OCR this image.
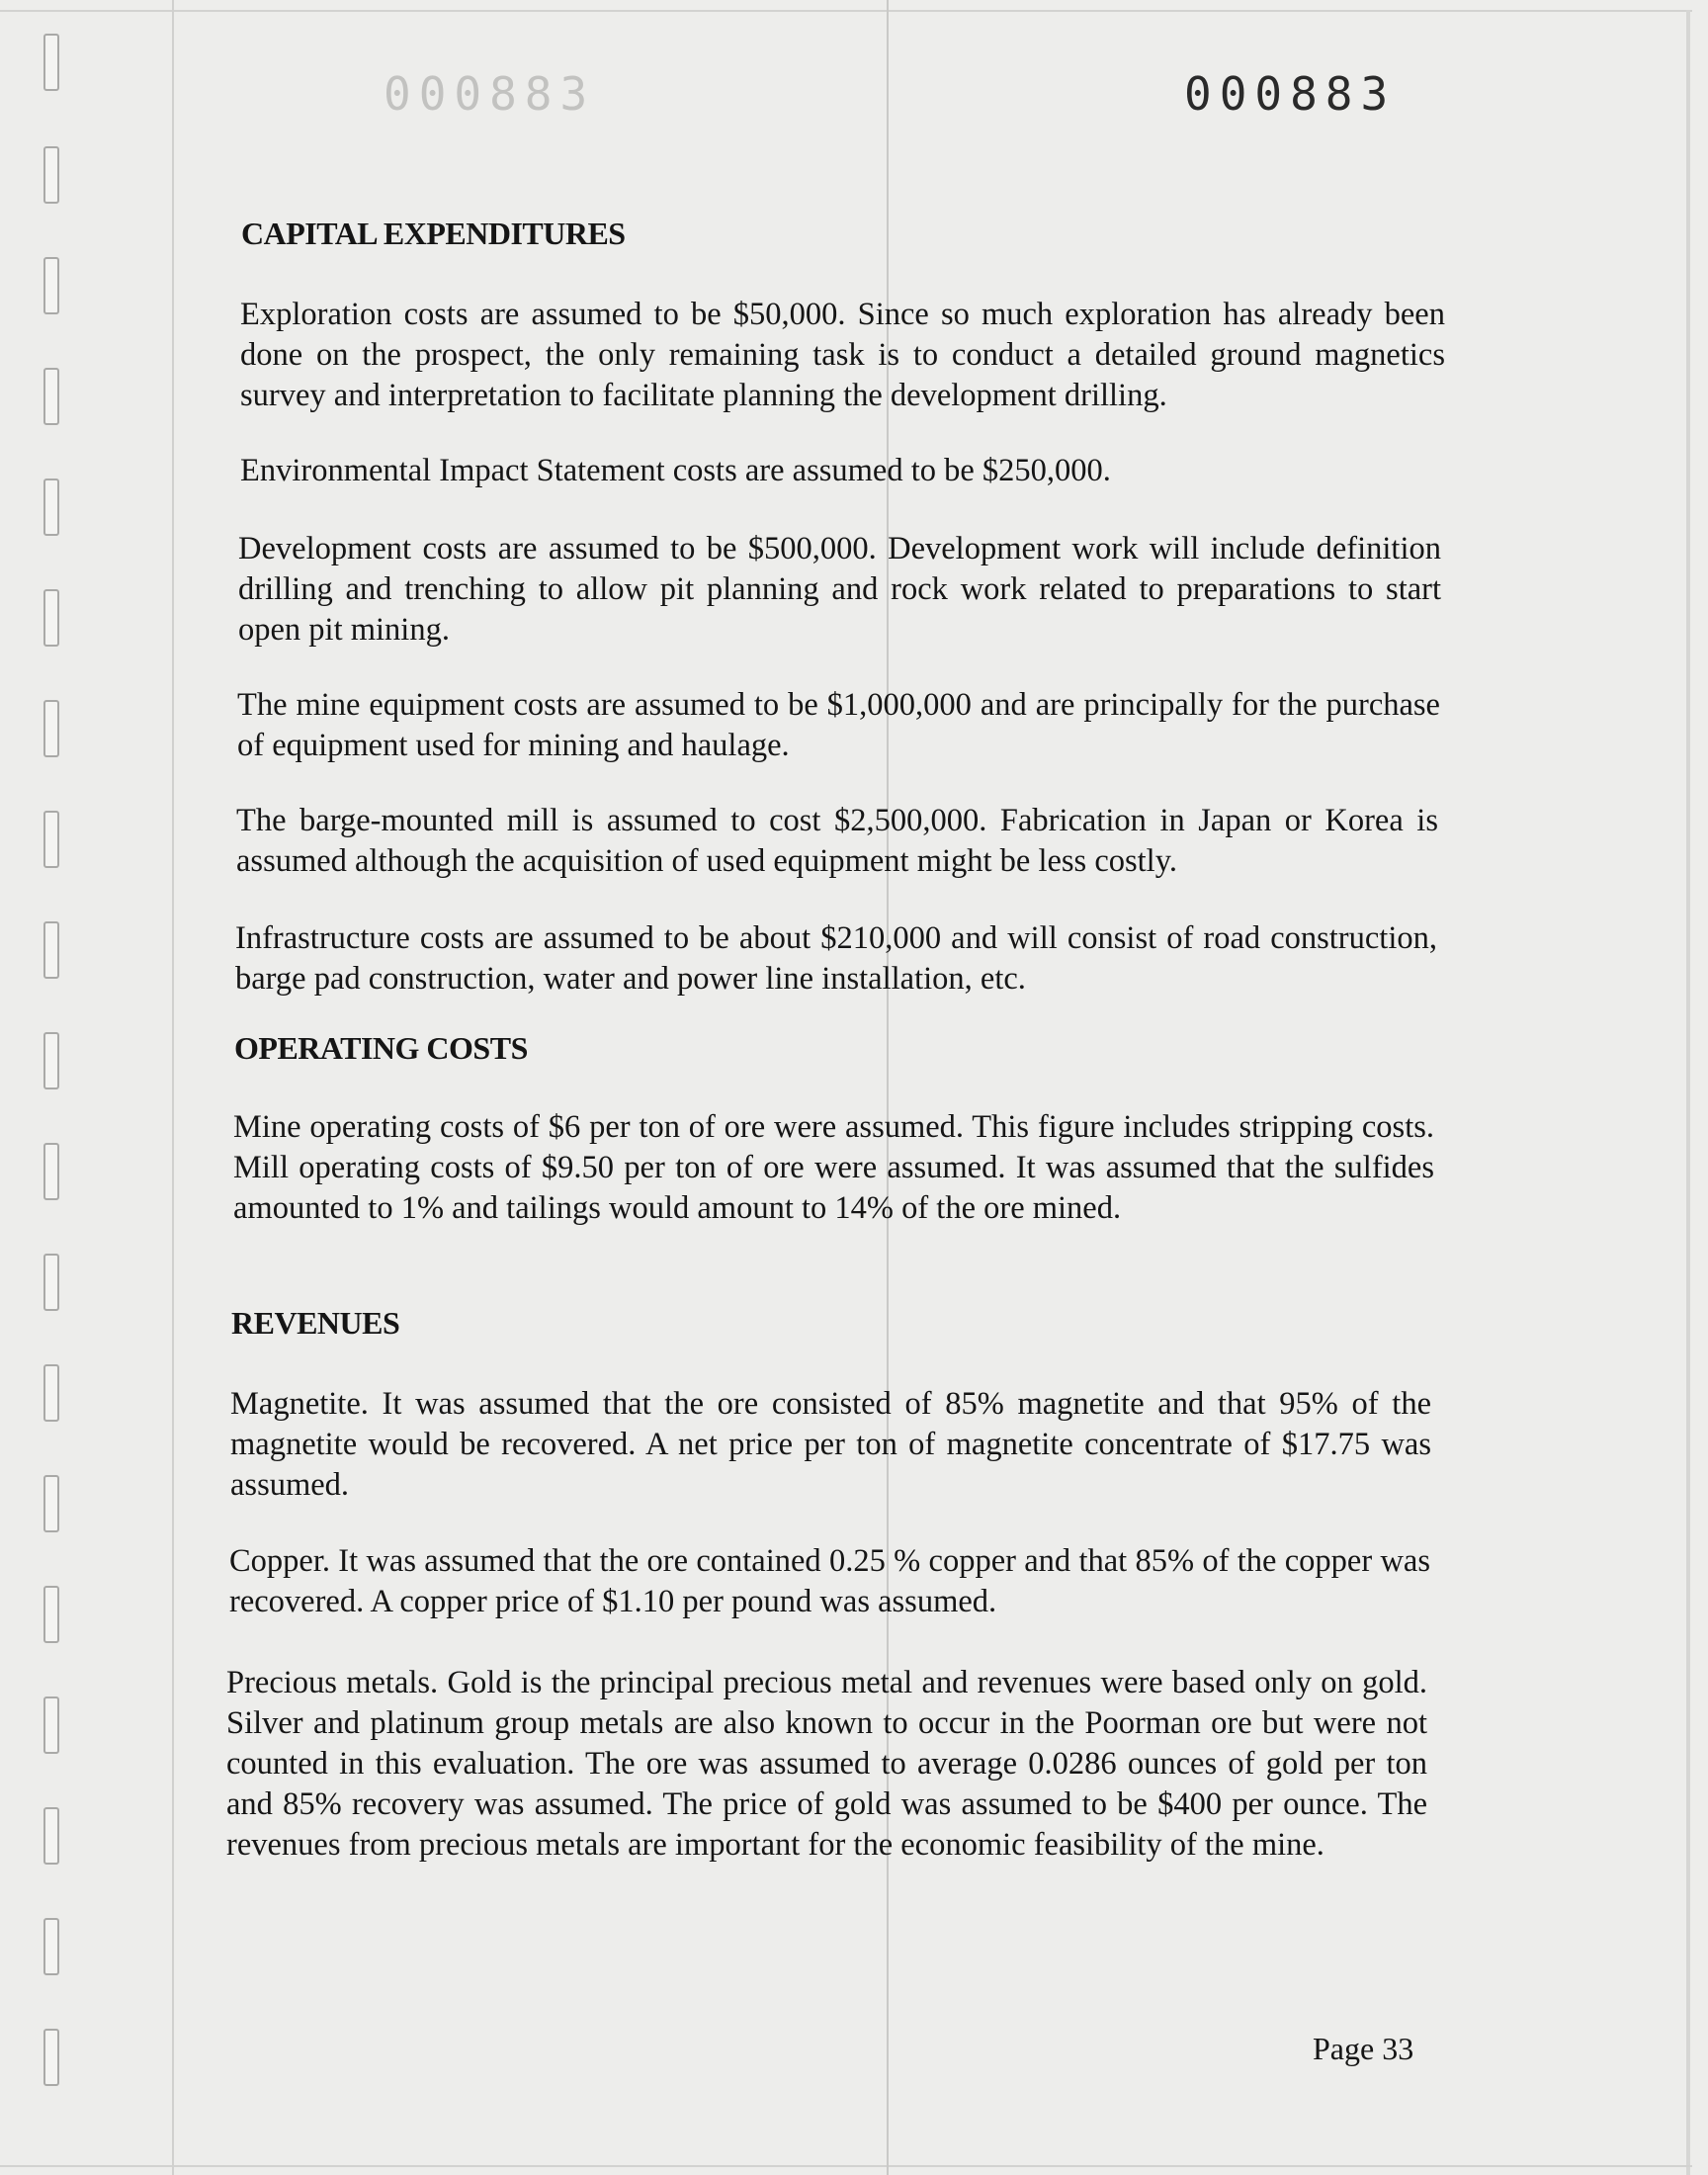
000883	000883
CAPITAL EXPENDITURES

Exploration costs are assumed to be $50,000. Since so much exploration has already been done on the prospect, the only remaining task is to conduct a detailed ground magnetics survey and interpretation to facilitate planning the development drilling.

Environmental Impact Statement costs are assumed to be $250,000.

Development costs are assumed to be $500,000. Development work will include definition drilling and trenching to allow pit planning and rock work related to preparations to start open pit mining.

The mine equipment costs are assumed to be $1,000,000 and are principally for the purchase of equipment used for mining and haulage.

The barge-mounted mill is assumed to cost $2,500,000. Fabrication in Japan or Korea is assumed although the acquisition of used equipment might be less costly.

Infrastructure costs are assumed to be about $210,000 and will consist of road construction, barge pad construction, water and power line installation, etc.

OPERATING COSTS

Mine operating costs of $6 per ton of ore were assumed. This figure includes stripping costs. Mill operating costs of $9.50 per ton of ore were assumed. It was assumed that the sulfides amounted to 1% and tailings would amount to 14% of the ore mined.

REVENUES

Magnetite. It was assumed that the ore consisted of 85% magnetite and that 95% of the magnetite would be recovered. A net price per ton of magnetite concentrate of $17.75 was assumed.

Copper. It was assumed that the ore contained 0.25 % copper and that 85% of the copper was recovered. A copper price of $1.10 per pound was assumed.

Precious metals. Gold is the principal precious metal and revenues were based only on gold. Silver and platinum group metals are also known to occur in the Poorman ore but were not counted in this evaluation. The ore was assumed to average 0.0286 ounces of gold per ton and 85% recovery was assumed. The price of gold was assumed to be $400 per ounce. The revenues from precious metals are important for the economic feasibility of the mine.

Page 33
